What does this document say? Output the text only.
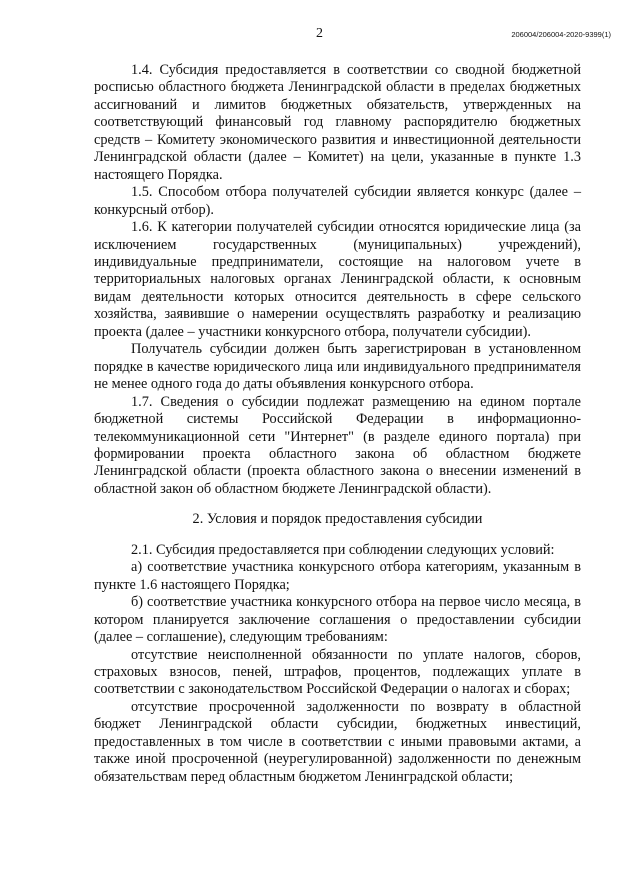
2	206004/206004-2020-9399(1)

1.4. Субсидия предоставляется в соответствии со сводной бюджетной росписью областного бюджета Ленинградской области в пределах бюджетных ассигнований и лимитов бюджетных обязательств, утвержденных на соответствующий финансовый год главному распорядителю бюджетных средств – Комитету экономического развития и инвестиционной деятельности Ленинградской области (далее – Комитет) на цели, указанные в пункте 1.3 настоящего Порядка.

1.5. Способом отбора получателей субсидии является конкурс (далее – конкурсный отбор).

1.6. К категории получателей субсидии относятся юридические лица (за исключением государственных (муниципальных) учреждений), индивидуальные предприниматели, состоящие на налоговом учете в территориальных налоговых органах Ленинградской области, к основным видам деятельности которых относится деятельность в сфере сельского хозяйства, заявившие о намерении осуществлять разработку и реализацию проекта (далее – участники конкурсного отбора, получатели субсидии).

Получатель субсидии должен быть зарегистрирован в установленном порядке в качестве юридического лица или индивидуального предпринимателя не менее одного года до даты объявления конкурсного отбора.

1.7. Сведения о субсидии подлежат размещению на едином портале бюджетной системы Российской Федерации в информационно-телекоммуникационной сети "Интернет" (в разделе единого портала) при формировании проекта областного закона об областном бюджете Ленинградской области (проекта областного закона о внесении изменений в областной закон об областном бюджете Ленинградской области).

2. Условия и порядок предоставления субсидии

2.1. Субсидия предоставляется при соблюдении следующих условий:

а) соответствие участника конкурсного отбора категориям, указанным в пункте 1.6 настоящего Порядка;

б) соответствие участника конкурсного отбора на первое число месяца, в котором планируется заключение соглашения о предоставлении субсидии (далее – соглашение), следующим требованиям:

отсутствие неисполненной обязанности по уплате налогов, сборов, страховых взносов, пеней, штрафов, процентов, подлежащих уплате в соответствии с законодательством Российской Федерации о налогах и сборах;

отсутствие просроченной задолженности по возврату в областной бюджет Ленинградской области субсидии, бюджетных инвестиций, предоставленных в том числе в соответствии с иными правовыми актами, а также иной просроченной (неурегулированной) задолженности по денежным обязательствам перед областным бюджетом Ленинградской области;
